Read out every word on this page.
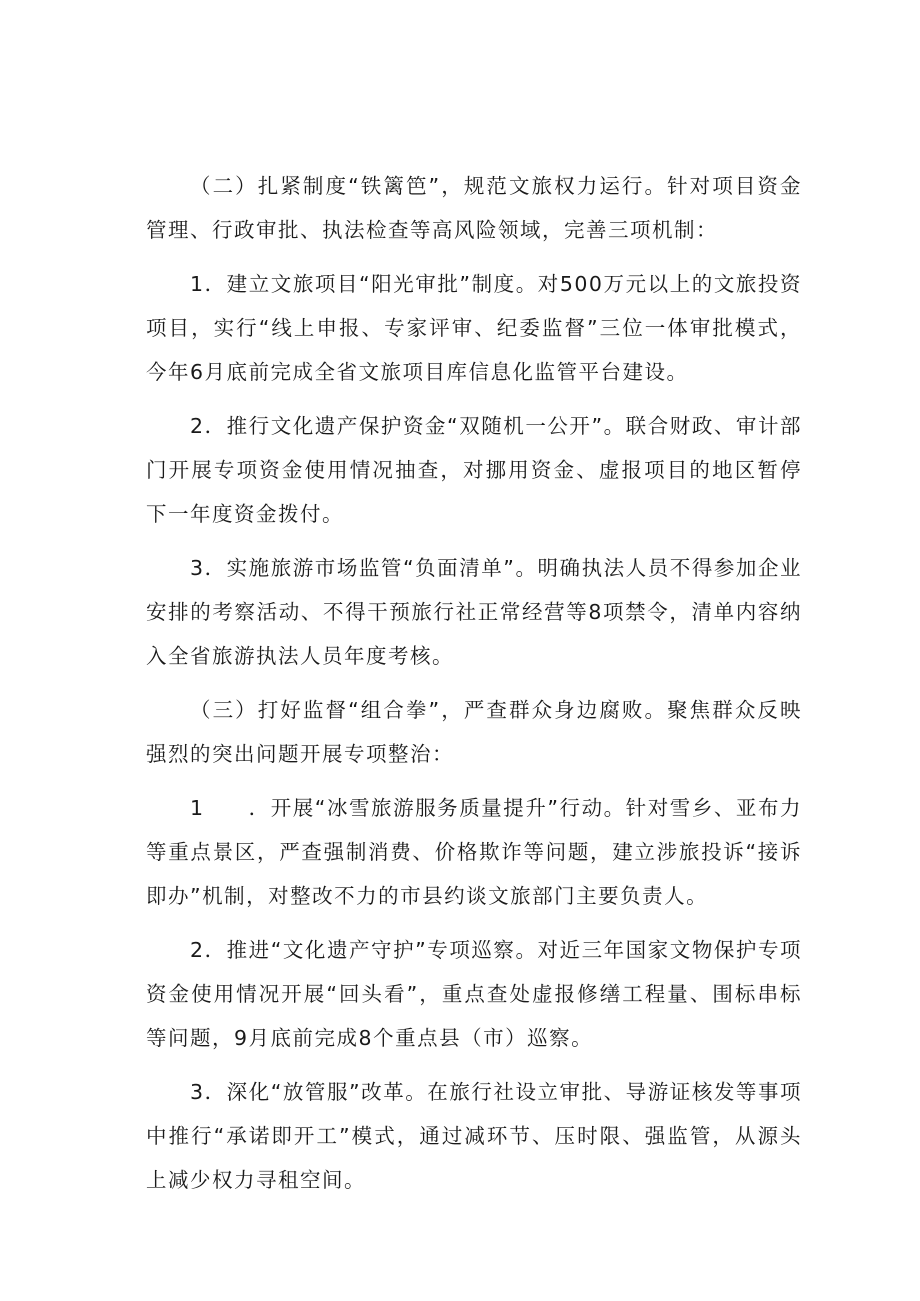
（二）扎紧制度“铁篱笆”，规范文旅权力运行。针对项目资金管理、行政审批、执法检查等高风险领域，完善三项机制：

1．建立文旅项目“阳光审批”制度。对500万元以上的文旅投资项目，实行“线上申报、专家评审、纪委监督”三位一体审批模式，今年6月底前完成全省文旅项目库信息化监管平台建设。

2．推行文化遗产保护资金“双随机一公开”。联合财政、审计部门开展专项资金使用情况抽查，对挪用资金、虚报项目的地区暂停下一年度资金拨付。

3．实施旅游市场监管“负面清单”。明确执法人员不得参加企业安排的考察活动、不得干预旅行社正常经营等8项禁令，清单内容纳入全省旅游执法人员年度考核。

（三）打好监督“组合拳”，严查群众身边腐败。聚焦群众反映强烈的突出问题开展专项整治：

1　　．开展“冰雪旅游服务质量提升”行动。针对雪乡、亚布力等重点景区，严查强制消费、价格欺诈等问题，建立涉旅投诉“接诉即办”机制，对整改不力的市县约谈文旅部门主要负责人。

2．推进“文化遗产守护”专项巡察。对近三年国家文物保护专项资金使用情况开展“回头看”，重点查处虚报修缮工程量、围标串标等问题，9月底前完成8个重点县（市）巡察。

3．深化“放管服”改革。在旅行社设立审批、导游证核发等事项中推行“承诺即开工”模式，通过减环节、压时限、强监管，从源头上减少权力寻租空间。
